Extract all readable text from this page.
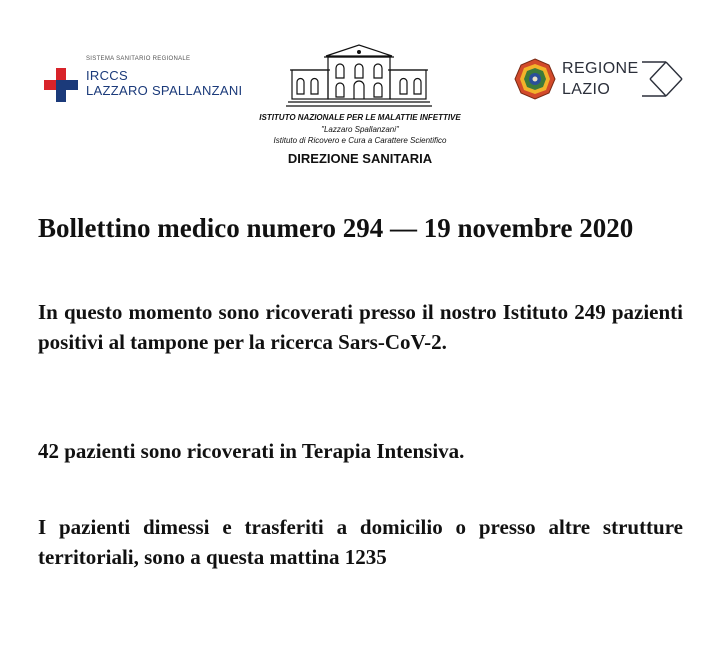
SISTEMA SANITARIO REGIONALE
IRCCS
LAZZARO SPALLANZANI
ISTITUTO NAZIONALE PER LE MALATTIE INFETTIVE
"Lazzaro Spallanzani"
Istituto di Ricovero e Cura a Carattere Scientifico
DIREZIONE SANITARIA
REGIONE
LAZIO
Bollettino medico numero 294 — 19 novembre 2020

In questo momento sono ricoverati presso il nostro Istituto 249 pazienti positivi al tampone per la ricerca Sars-CoV-2.

42 pazienti sono ricoverati in Terapia Intensiva.

I pazienti dimessi e trasferiti a domicilio o presso altre strutture territoriali, sono a questa mattina 1235
